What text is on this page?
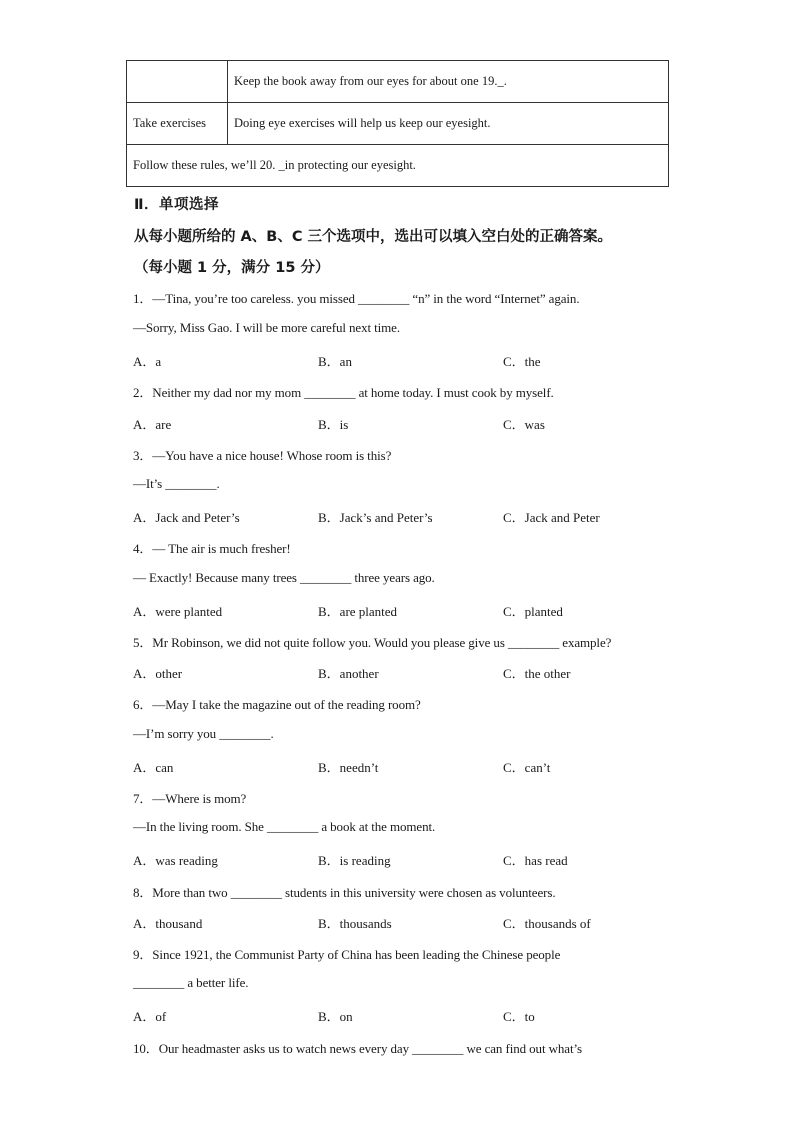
	Keep the book away from our eyes for about one 19._.
Take exercises	Doing eye exercises will help us keep our eyesight.
Follow these rules, we’ll 20. _in protecting our eyesight.	
Ⅱ．单项选择
从每小题所给的 A、B、C 三个选项中，选出可以填入空白处的正确答案。
（每小题 1 分，满分 15 分）
1．—Tina, you’re too careless. you missed ________ “n” in the word “Internet” again.
—Sorry, Miss Gao. I will be more careful next time.
A．a	B．an	C．the
2．Neither my dad nor my mom ________ at home today. I must cook by myself.
A．are	B．is	C．was
3．—You have a nice house! Whose room is this?
—It’s ________.
A．Jack and Peter’s	B．Jack’s and Peter’s	C．Jack and Peter
4．— The air is much fresher!
— Exactly! Because many trees ________ three years ago.
A．were planted	B．are planted	C．planted
5．Mr Robinson, we did not quite follow you. Would you please give us ________ example?
A．other	B．another	C．the other
6．—May I take the magazine out of the reading room?
—I’m sorry you ________.
A．can	B．needn’t	C．can’t
7．—Where is mom?
—In the living room. She ________ a book at the moment.
A．was reading	B．is reading	C．has read
8．More than two ________ students in this university were chosen as volunteers.
A．thousand	B．thousands	C．thousands of
9．Since 1921, the Communist Party of China has been leading the Chinese people
________ a better life.
A．of	B．on	C．to
10．Our headmaster asks us to watch news every day ________ we can find out what’s
